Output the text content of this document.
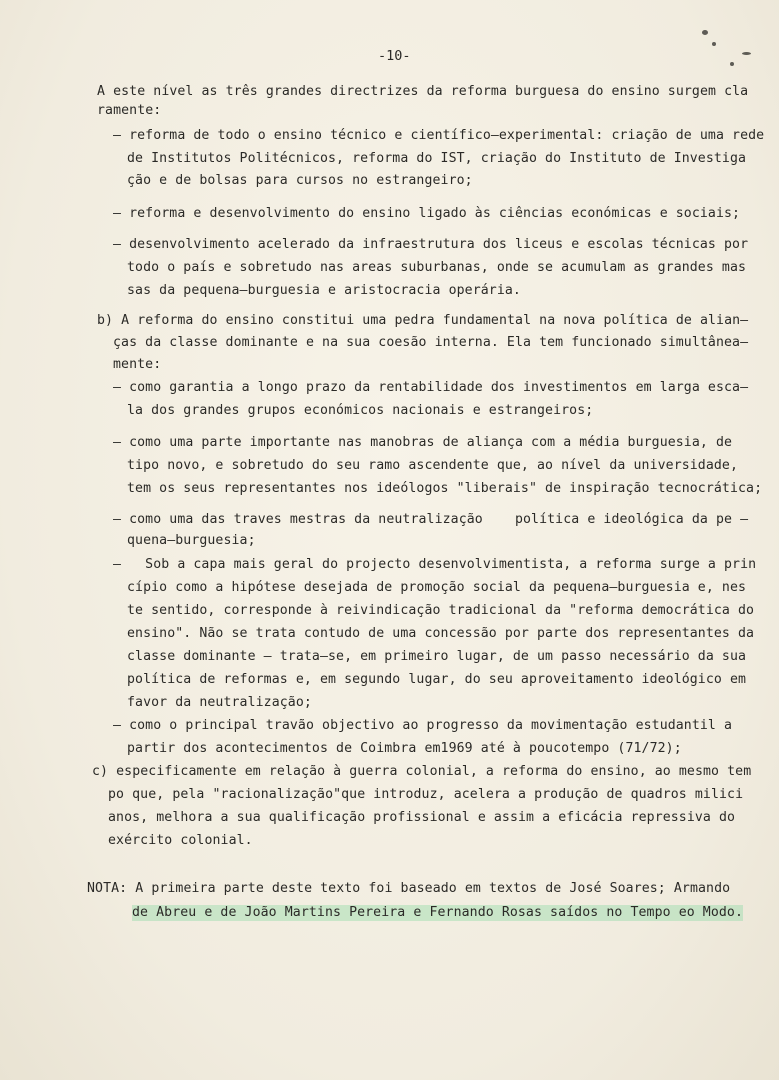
-10-
A este nível as três grandes directrizes da reforma burguesa do ensino surgem cla
ramente:
– reforma de todo o ensino técnico e científico–experimental: criação de uma rede
de Institutos Politécnicos, reforma do IST, criação do Instituto de Investiga
ção e de bolsas para cursos no estrangeiro;
– reforma e desenvolvimento do ensino ligado às ciências económicas e sociais;
– desenvolvimento acelerado da infraestrutura dos liceus e escolas técnicas por
todo o país e sobretudo nas areas suburbanas, onde se acumulam as grandes mas
sas da pequena–burguesia e aristocracia operária.
b) A reforma do ensino constitui uma pedra fundamental na nova política de alian–
ças da classe dominante e na sua coesão interna. Ela tem funcionado simultânea–
mente:
– como garantia a longo prazo da rentabilidade dos investimentos em larga esca–
la dos grandes grupos económicos nacionais e estrangeiros;
– como uma parte importante nas manobras de aliança com a média burguesia, de
tipo novo, e sobretudo do seu ramo ascendente que, ao nível da universidade,
tem os seus representantes nos ideólogos "liberais" de inspiração tecnocrática;
– como uma das traves mestras da neutralização    política e ideológica da pe –
quena–burguesia;
–   Sob a capa mais geral do projecto desenvolvimentista, a reforma surge a prin
cípio como a hipótese desejada de promoção social da pequena–burguesia e, nes
te sentido, corresponde à reivindicação tradicional da "reforma democrática do
ensino". Não se trata contudo de uma concessão por parte dos representantes da
classe dominante – trata–se, em primeiro lugar, de um passo necessário da sua
política de reformas e, em segundo lugar, do seu aproveitamento ideológico em
favor da neutralização;
– como o principal travão objectivo ao progresso da movimentação estudantil a
partir dos acontecimentos de Coimbra em1969 até à poucotempo (71/72);
c) especificamente em relação à guerra colonial, a reforma do ensino, ao mesmo tem
po que, pela "racionalização"que introduz, acelera a produção de quadros milici
anos, melhora a sua qualificação profissional e assim a eficácia repressiva do
exército colonial.
NOTA: A primeira parte deste texto foi baseado em textos de José Soares; Armando
de Abreu e de João Martins Pereira e Fernando Rosas saídos no Tempo eo Modo.
